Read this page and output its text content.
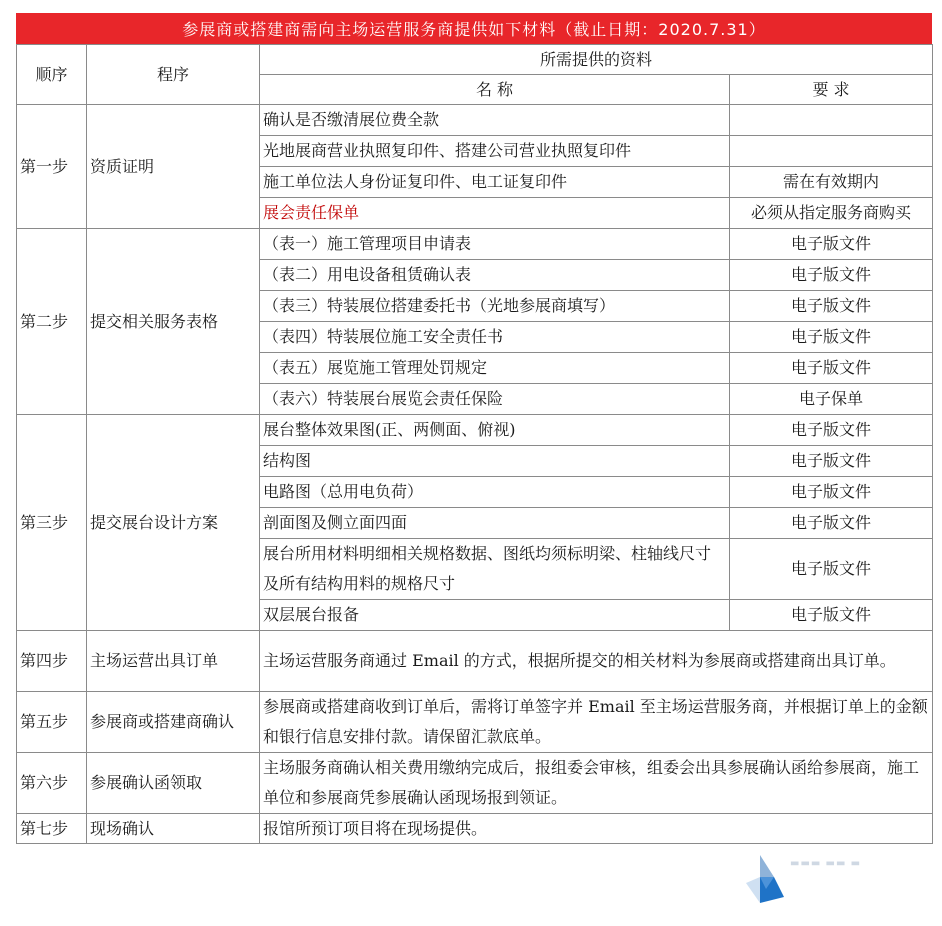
参展商或搭建商需向主场运营服务商提供如下材料（截止日期：2020.7.31）
顺序	程序	所需提供的资料	
		名 称	要 求
第一步	资质证明	确认是否缴清展位费全款	
		光地展商营业执照复印件、搭建公司营业执照复印件	
		施工单位法人身份证复印件、电工证复印件	需在有效期内
		展会责任保单	必须从指定服务商购买
第二步	提交相关服务表格	（表一）施工管理项目申请表	电子版文件
		（表二）用电设备租赁确认表	电子版文件
		（表三）特装展位搭建委托书（光地参展商填写）	电子版文件
		（表四）特装展位施工安全责任书	电子版文件
		（表五）展览施工管理处罚规定	电子版文件
		（表六）特装展台展览会责任保险	电子保单
第三步	提交展台设计方案	展台整体效果图(正、两侧面、俯视)	电子版文件
		结构图	电子版文件
		电路图（总用电负荷）	电子版文件
		剖面图及侧立面四面	电子版文件
		展台所用材料明细相关规格数据、图纸均须标明梁、柱轴线尺寸及所有结构用料的规格尺寸	电子版文件
		双层展台报备	电子版文件
第四步	主场运营出具订单	主场运营服务商通过 Email 的方式，根据所提交的相关材料为参展商或搭建商出具订单。	
第五步	参展商或搭建商确认	参展商或搭建商收到订单后，需将订单签字并 Email 至主场运营服务商，并根据订单上的金额和银行信息安排付款。请保留汇款底单。	
第六步	参展确认函领取	主场服务商确认相关费用缴纳完成后，报组委会审核，组委会出具参展确认函给参展商，施工单位和参展商凭参展确认函现场报到领证。	
第七步	现场确认	报馆所预订项目将在现场提供。	
▬▬▬ ▬▬ ▬
